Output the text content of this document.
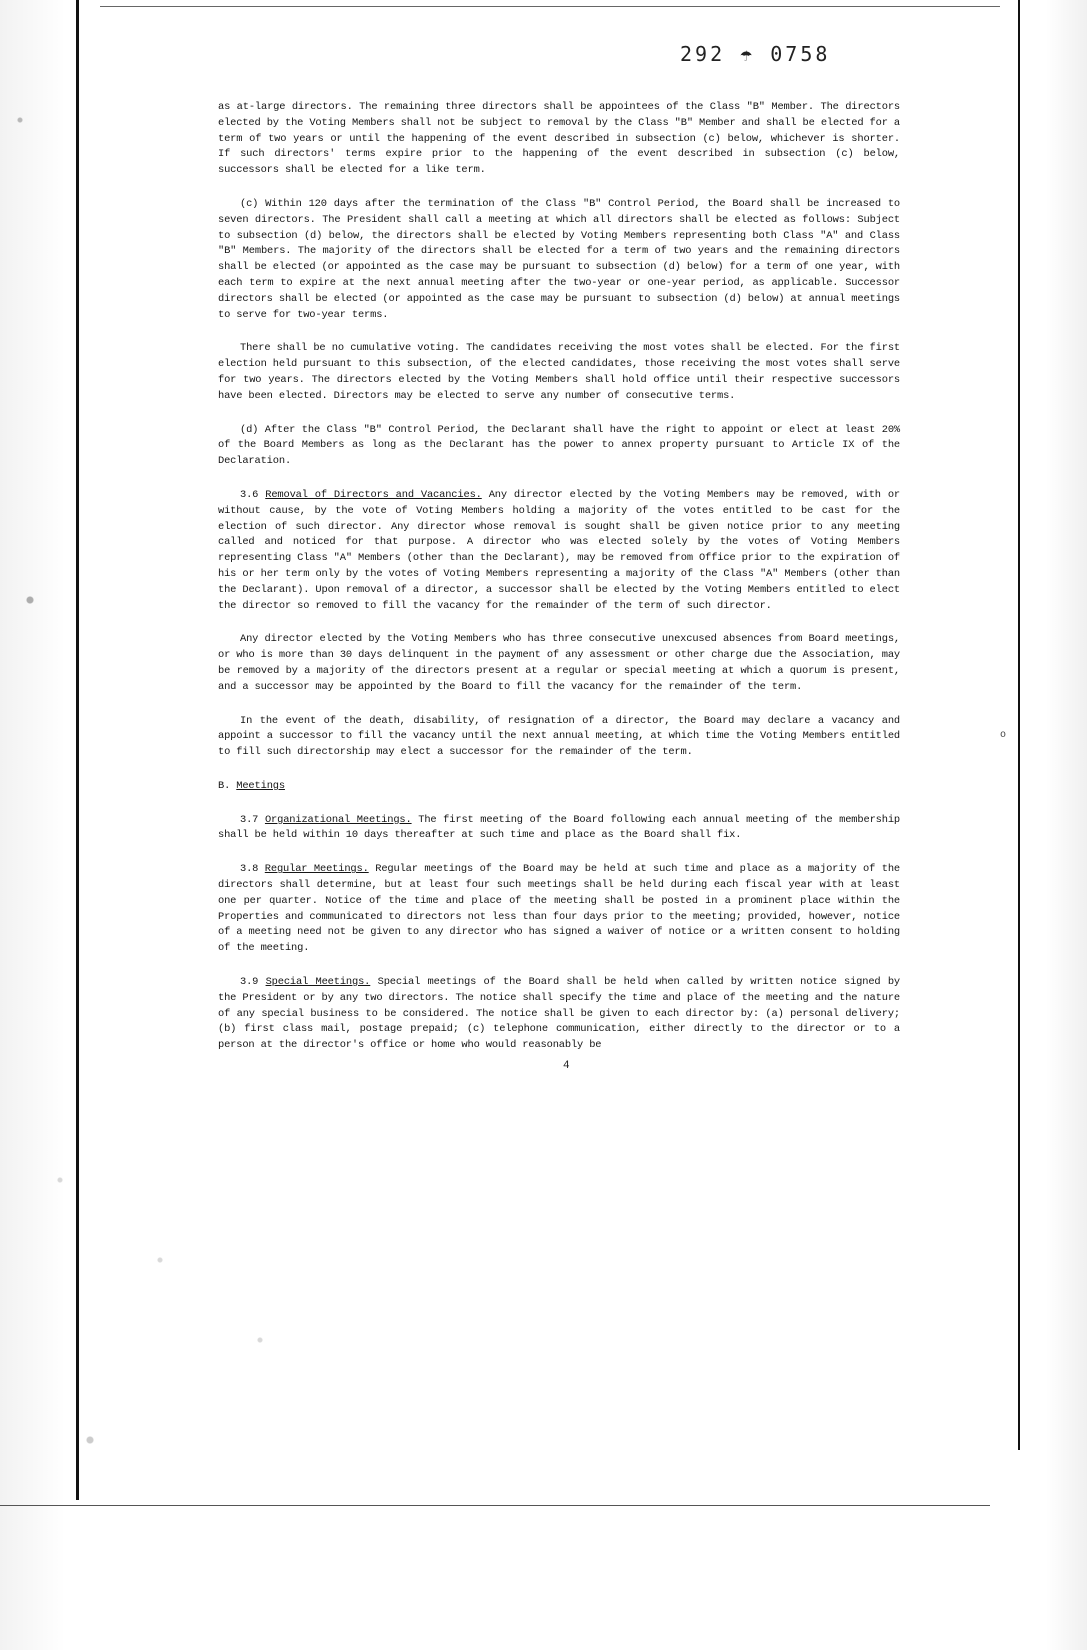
292 ☂ 0758

as at-large directors. The remaining three directors shall be appointees of the Class "B" Member. The directors elected by the Voting Members shall not be subject to removal by the Class "B" Member and shall be elected for a term of two years or until the happening of the event described in subsection (c) below, whichever is shorter. If such directors' terms expire prior to the happening of the event described in subsection (c) below, successors shall be elected for a like term.

(c) Within 120 days after the termination of the Class "B" Control Period, the Board shall be increased to seven directors. The President shall call a meeting at which all directors shall be elected as follows: Subject to subsection (d) below, the directors shall be elected by Voting Members representing both Class "A" and Class "B" Members. The majority of the directors shall be elected for a term of two years and the remaining directors shall be elected (or appointed as the case may be pursuant to subsection (d) below) for a term of one year, with each term to expire at the next annual meeting after the two-year or one-year period, as applicable. Successor directors shall be elected (or appointed as the case may be pursuant to subsection (d) below) at annual meetings to serve for two-year terms.

There shall be no cumulative voting. The candidates receiving the most votes shall be elected. For the first election held pursuant to this subsection, of the elected candidates, those receiving the most votes shall serve for two years. The directors elected by the Voting Members shall hold office until their respective successors have been elected. Directors may be elected to serve any number of consecutive terms.

(d) After the Class "B" Control Period, the Declarant shall have the right to appoint or elect at least 20% of the Board Members as long as the Declarant has the power to annex property pursuant to Article IX of the Declaration.

3.6 Removal of Directors and Vacancies. Any director elected by the Voting Members may be removed, with or without cause, by the vote of Voting Members holding a majority of the votes entitled to be cast for the election of such director. Any director whose removal is sought shall be given notice prior to any meeting called and noticed for that purpose. A director who was elected solely by the votes of Voting Members representing Class "A" Members (other than the Declarant), may be removed from Office prior to the expiration of his or her term only by the votes of Voting Members representing a majority of the Class "A" Members (other than the Declarant). Upon removal of a director, a successor shall be elected by the Voting Members entitled to elect the director so removed to fill the vacancy for the remainder of the term of such director.

Any director elected by the Voting Members who has three consecutive unexcused absences from Board meetings, or who is more than 30 days delinquent in the payment of any assessment or other charge due the Association, may be removed by a majority of the directors present at a regular or special meeting at which a quorum is present, and a successor may be appointed by the Board to fill the vacancy for the remainder of the term.

In the event of the death, disability, of resignation of a director, the Board may declare a vacancy and appoint a successor to fill the vacancy until the next annual meeting, at which time the Voting Members entitled to fill such directorship may elect a successor for the remainder of the term.

B. Meetings

3.7 Organizational Meetings. The first meeting of the Board following each annual meeting of the membership shall be held within 10 days thereafter at such time and place as the Board shall fix.

3.8 Regular Meetings. Regular meetings of the Board may be held at such time and place as a majority of the directors shall determine, but at least four such meetings shall be held during each fiscal year with at least one per quarter. Notice of the time and place of the meeting shall be posted in a prominent place within the Properties and communicated to directors not less than four days prior to the meeting; provided, however, notice of a meeting need not be given to any director who has signed a waiver of notice or a written consent to holding of the meeting.

3.9 Special Meetings. Special meetings of the Board shall be held when called by written notice signed by the President or by any two directors. The notice shall specify the time and place of the meeting and the nature of any special business to be considered. The notice shall be given to each director by: (a) personal delivery; (b) first class mail, postage prepaid; (c) telephone communication, either directly to the director or to a person at the director's office or home who would reasonably be

4
o
